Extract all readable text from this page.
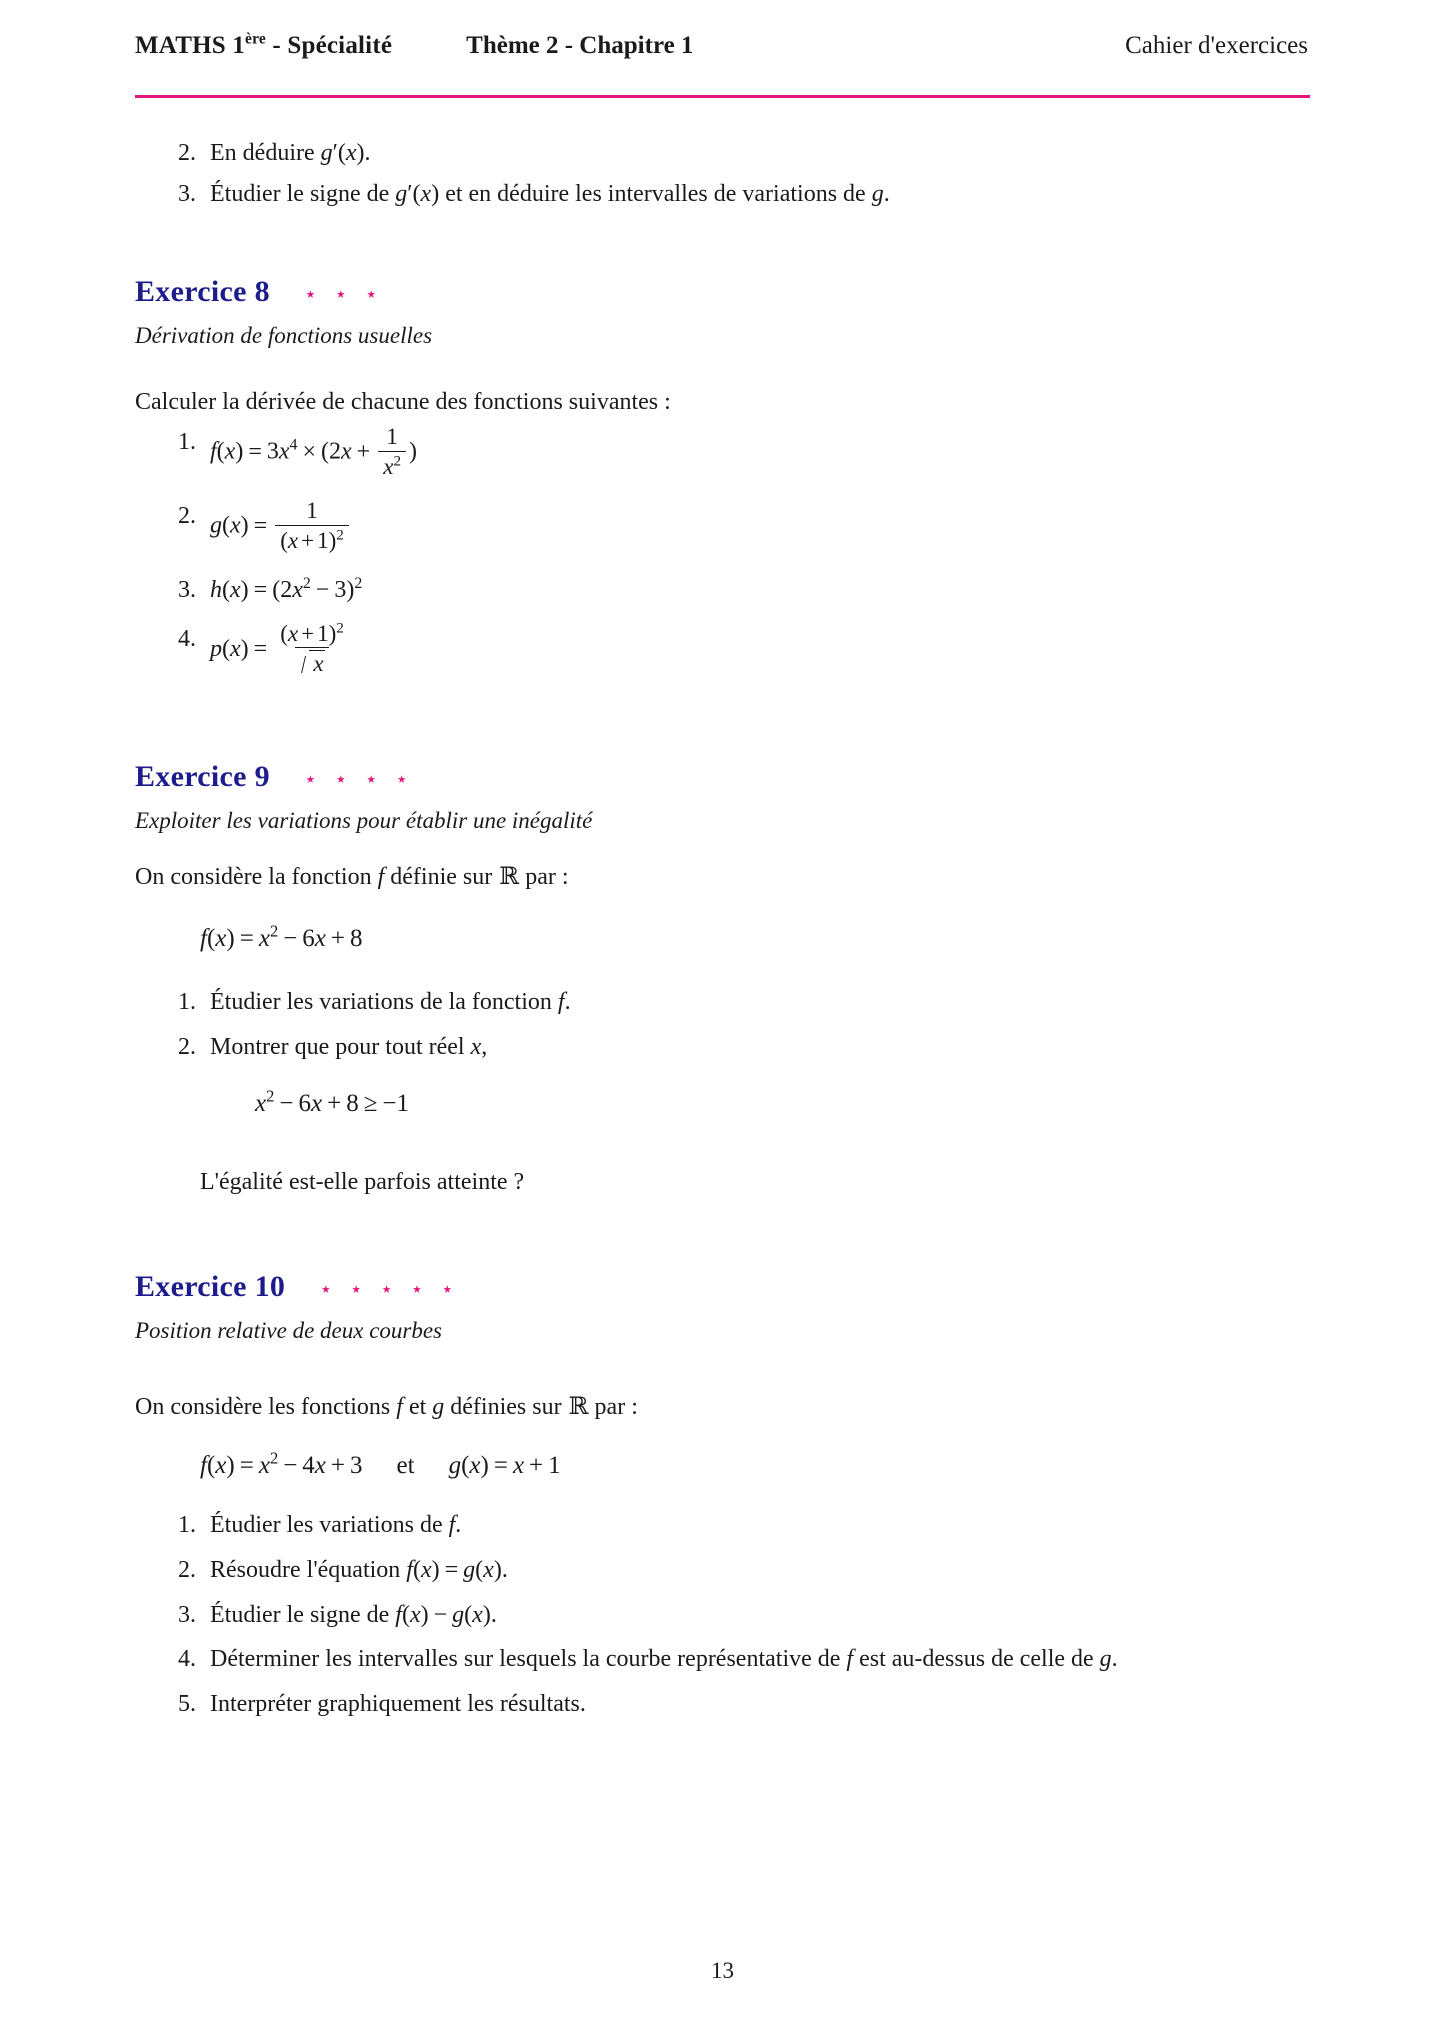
MATHS 1ère - Spécialité	Thème 2 - Chapitre 1	Cahier d'exercices
2. En déduire g′(x).
3. Étudier le signe de g′(x) et en déduire les intervalles de variations de g.
Exercice 8 ⋆ ⋆ ⋆
Dérivation de fonctions usuelles
Calculer la dérivée de chacune des fonctions suivantes :
1. $f(x) = 3x^4 \times (2x + \frac{1}{x^2}$ )
2. $g(x) = \frac{1}{(x + 1)^2}$
3. $h(x) = (2x^2 - 3)^2$
4. $p(x) = \frac{(x + 1)^2}{x}$
Exercice 9 ⋆ ⋆ ⋆ ⋆
Exploiter les variations pour établir une inégalité
On considère la fonction f définie sur ℝ par :
$f(x) = x^2 - 6x + 8$
1. Étudier les variations de la fonction f.
2. Montrer que pour tout réel x,
$x^2 - 6x + 8 \ge -1$
L'égalité est-elle parfois atteinte ?
Exercice 10 ⋆ ⋆ ⋆ ⋆ ⋆
Position relative de deux courbes
On considère les fonctions f et g définies sur ℝ par :
$f(x) = x^2 - 4x + 3$ et g(x) = x + 1
1. Étudier les variations de f.
2. Résoudre l'équation f(x) = g(x).
3. Étudier le signe de f(x) − g(x).
4. Déterminer les intervalles sur lesquels la courbe représentative de f est au-dessus de celle de g.
5. Interpréter graphiquement les résultats.
13
